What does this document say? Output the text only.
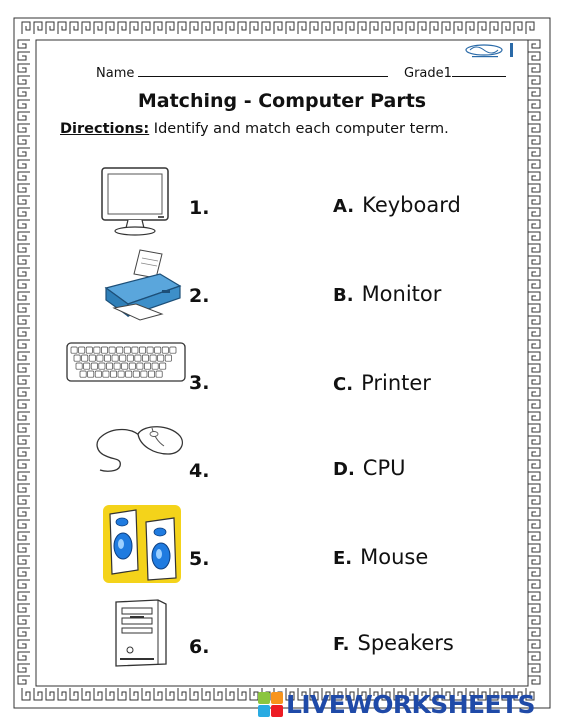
Name	Grade1
Matching - Computer Parts
Directions: Identify and match each computer term.
1.
2.
3.
4.
5.
6.
A. Keyboard
B. Monitor
C. Printer
D. CPU
E. Mouse
F. Speakers
LIVEWORKSHEETS
